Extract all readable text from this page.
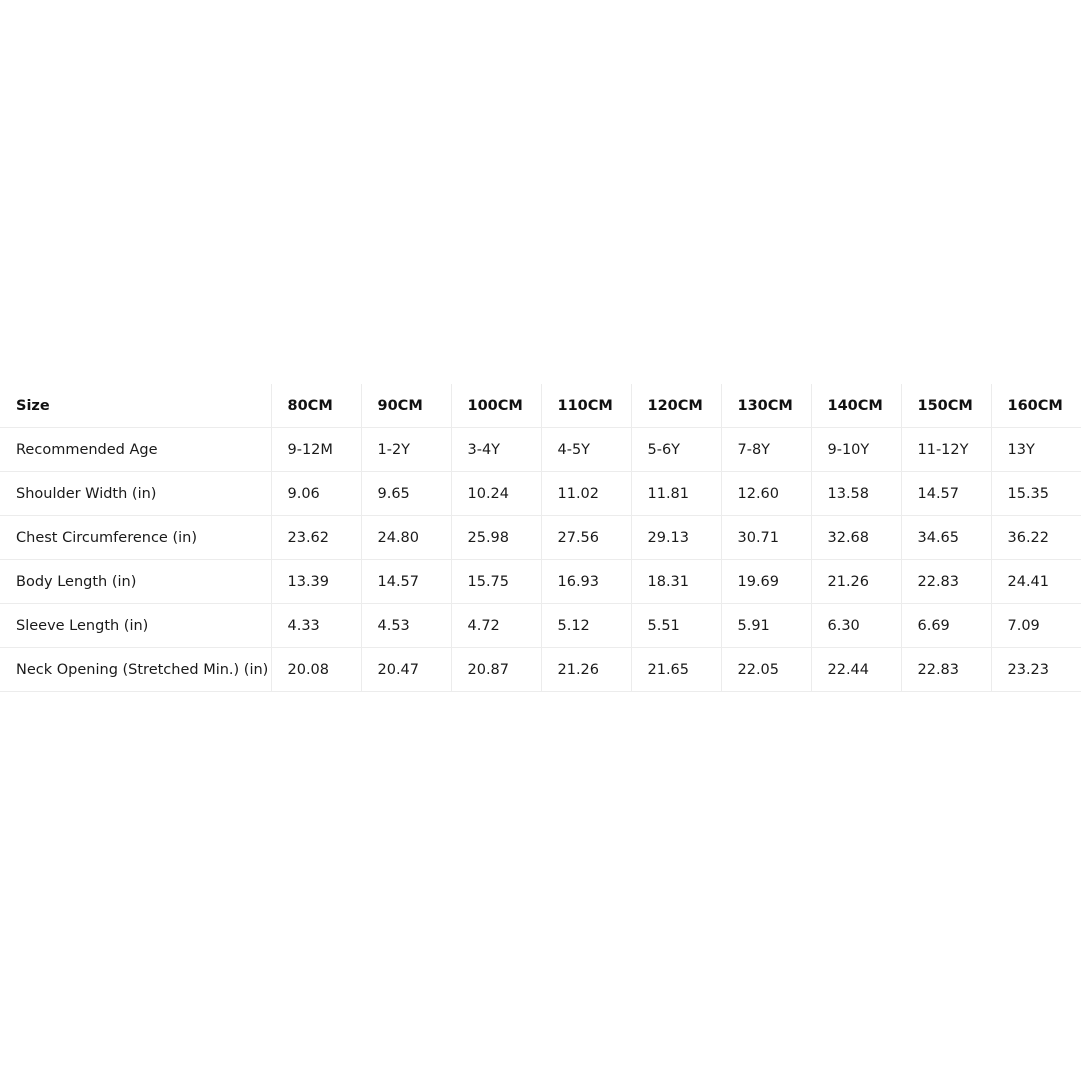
Size	80CM	90CM	100CM	110CM	120CM	130CM	140CM	150CM	160CM
Recommended Age	9-12M	1-2Y	3-4Y	4-5Y	5-6Y	7-8Y	9-10Y	11-12Y	13Y
Shoulder Width (in)	9.06	9.65	10.24	11.02	11.81	12.60	13.58	14.57	15.35
Chest Circumference (in)	23.62	24.80	25.98	27.56	29.13	30.71	32.68	34.65	36.22
Body Length (in)	13.39	14.57	15.75	16.93	18.31	19.69	21.26	22.83	24.41
Sleeve Length (in)	4.33	4.53	4.72	5.12	5.51	5.91	6.30	6.69	7.09
Neck Opening (Stretched Min.) (in)	20.08	20.47	20.87	21.26	21.65	22.05	22.44	22.83	23.23
